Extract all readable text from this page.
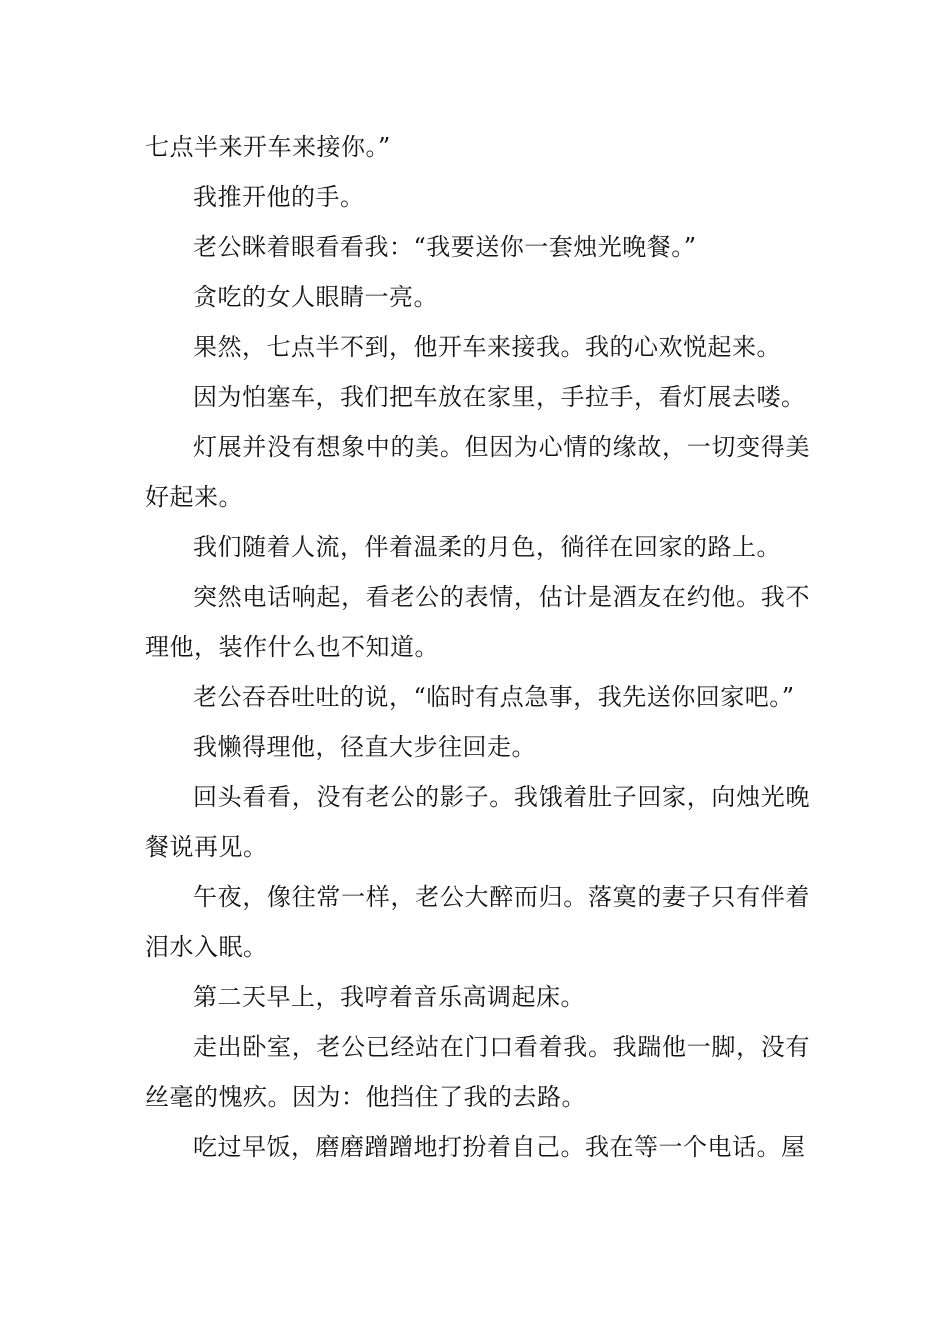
七点半来开车来接你。”

我推开他的手。

老公眯着眼看看我：“我要送你一套烛光晚餐。”

贪吃的女人眼睛一亮。

果然，七点半不到，他开车来接我。我的心欢悦起来。

因为怕塞车，我们把车放在家里，手拉手，看灯展去喽。

灯展并没有想象中的美。但因为心情的缘故，一切变得美好起来。

我们随着人流，伴着温柔的月色，徜徉在回家的路上。

突然电话响起，看老公的表情，估计是酒友在约他。我不理他，装作什么也不知道。

老公吞吞吐吐的说，“临时有点急事，我先送你回家吧。”

我懒得理他，径直大步往回走。

回头看看，没有老公的影子。我饿着肚子回家，向烛光晚餐说再见。

午夜，像往常一样，老公大醉而归。落寞的妻子只有伴着泪水入眠。

第二天早上，我哼着音乐高调起床。

走出卧室，老公已经站在门口看着我。我踹他一脚，没有丝毫的愧疚。因为：他挡住了我的去路。

吃过早饭，磨磨蹭蹭地打扮着自己。我在等一个电话。屋
